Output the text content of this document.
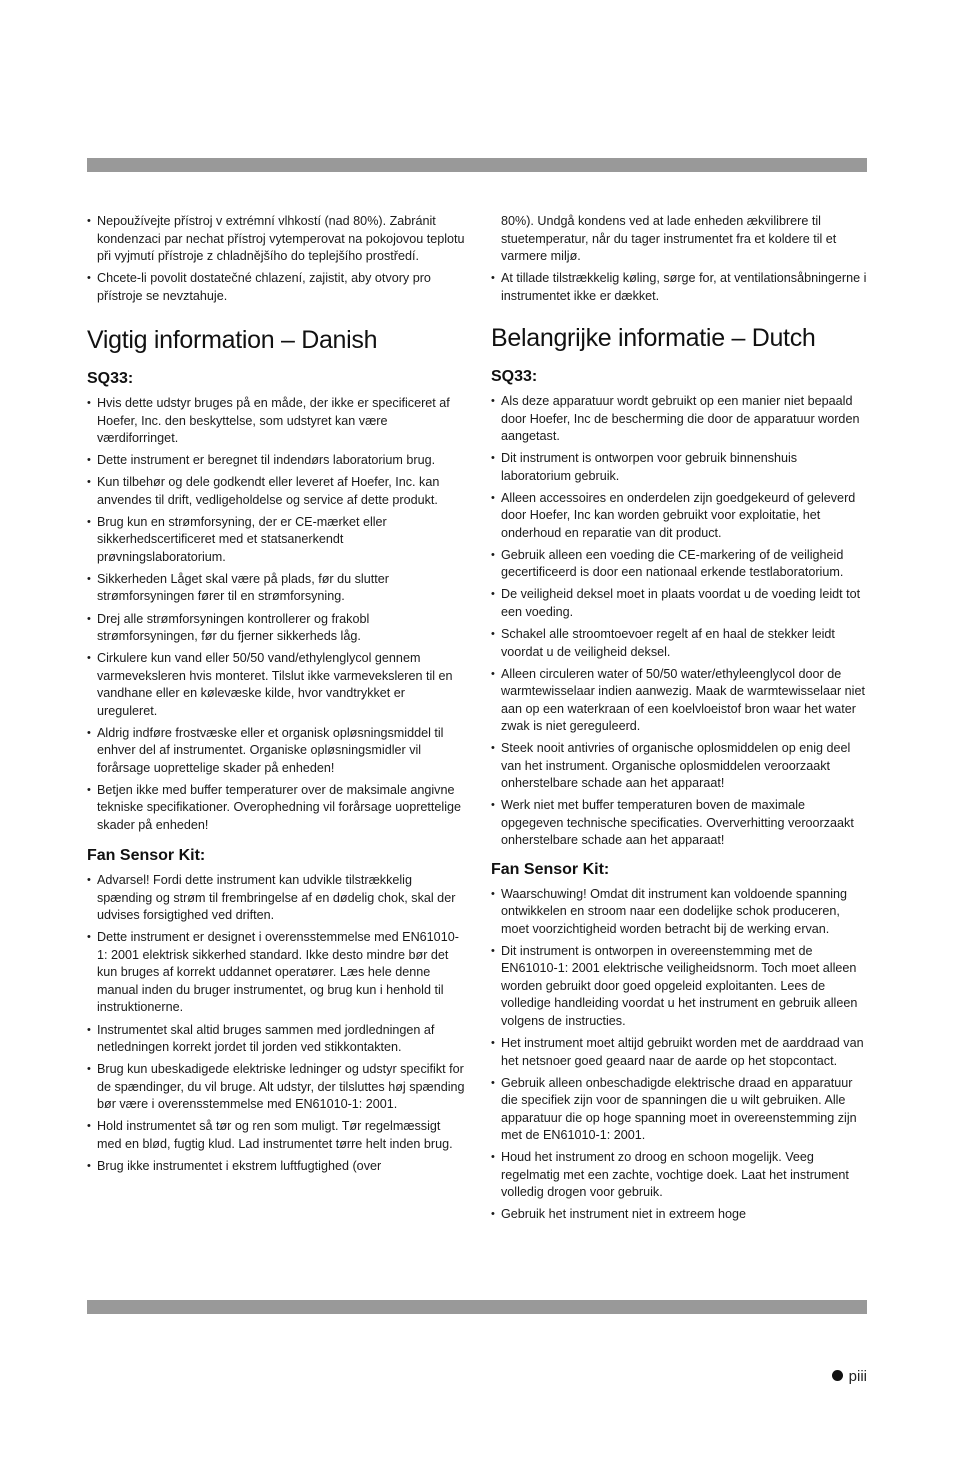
• Nepoužívejte přístroj v extrémní vlhkostí (nad 80%). Zabránit kondenzaci par nechat přístroj vytemperovat na pokojovou teplotu při vyjmutí přístroje z chladnějšího do teplejšího prostředí.
• Chcete-li povolit dostatečné chlazení, zajistit, aby otvory pro přístroje se nevztahuje.
Vigtig information – Danish
SQ33:
• Hvis dette udstyr bruges på en måde, der ikke er specificeret af Hoefer, Inc. den beskyttelse, som udstyret kan være værdiforringet.
• Dette instrument er beregnet til indendørs laboratorium brug.
• Kun tilbehør og dele godkendt eller leveret af Hoefer, Inc. kan anvendes til drift, vedligeholdelse og service af dette produkt.
• Brug kun en strømforsyning, der er CE-mærket eller sikkerhedscertificeret med et statsanerkendt prøvningslaboratorium.
• Sikkerheden Låget skal være på plads, før du slutter strømforsyningen fører til en strømforsyning.
• Drej alle strømforsyningen kontrollerer og frakobl strømforsyningen, før du fjerner sikkerheds låg.
• Cirkulere kun vand eller 50/50 vand/ethylenglycol gennem varmeveksleren hvis monteret. Tilslut ikke varmeveksleren til en vandhane eller en kølevæske kilde, hvor vandtrykket er ureguleret.
• Aldrig indføre frostvæske eller et organisk opløsningsmiddel til enhver del af instrumentet. Organiske opløsningsmidler vil forårsage uoprettelige skader på enheden!
• Betjen ikke med buffer temperaturer over de maksimale angivne tekniske specifikationer. Overophedning vil forårsage uoprettelige skader på enheden!
Fan Sensor Kit:
• Advarsel! Fordi dette instrument kan udvikle tilstrækkelig spænding og strøm til frembringelse af en dødelig chok, skal der udvises forsigtighed ved driften.
• Dette instrument er designet i overensstemmelse med EN61010-1: 2001 elektrisk sikkerhed standard. Ikke desto mindre bør det kun bruges af korrekt uddannet operatører. Læs hele denne manual inden du bruger instrumentet, og brug kun i henhold til instruktionerne.
• Instrumentet skal altid bruges sammen med jordledningen af netledningen korrekt jordet til jorden ved stikkontakten.
• Brug kun ubeskadigede elektriske ledninger og udstyr specifikt for de spændinger, du vil bruge. Alt udstyr, der tilsluttes høj spænding bør være i overensstemmelse med EN61010-1: 2001.
• Hold instrumentet så tør og ren som muligt. Tør regelmæssigt med en blød, fugtig klud. Lad instrumentet tørre helt inden brug.
• Brug ikke instrumentet i ekstrem luftfugtighed (over
80%). Undgå kondens ved at lade enheden ækvilibrere til stuetemperatur, når du tager instrumentet fra et koldere til et varmere miljø.
• At tillade tilstrækkelig køling, sørge for, at ventilationsåbningerne i instrumentet ikke er dækket.
Belangrijke informatie – Dutch
SQ33:
• Als deze apparatuur wordt gebruikt op een manier niet bepaald door Hoefer, Inc de bescherming die door de apparatuur worden aangetast.
• Dit instrument is ontworpen voor gebruik binnenshuis laboratorium gebruik.
• Alleen accessoires en onderdelen zijn goedgekeurd of geleverd door Hoefer, Inc kan worden gebruikt voor exploitatie, het onderhoud en reparatie van dit product.
• Gebruik alleen een voeding die CE-markering of de veiligheid gecertificeerd is door een nationaal erkende testlaboratorium.
• De veiligheid deksel moet in plaats voordat u de voeding leidt tot een voeding.
• Schakel alle stroomtoevoer regelt af en haal de stekker leidt voordat u de veiligheid deksel.
• Alleen circuleren water of 50/50 water/ethyleenglycol door de warmtewisselaar indien aanwezig. Maak de warmtewisselaar niet aan op een waterkraan of een koelvloeistof bron waar het water zwak is niet gereguleerd.
• Steek nooit antivries of organische oplosmiddelen op enig deel van het instrument. Organische oplosmiddelen veroorzaakt onherstelbare schade aan het apparaat!
• Werk niet met buffer temperaturen boven de maximale opgegeven technische specificaties. Oververhitting veroorzaakt onherstelbare schade aan het apparaat!
Fan Sensor Kit:
• Waarschuwing! Omdat dit instrument kan voldoende spanning ontwikkelen en stroom naar een dodelijke schok produceren, moet voorzichtigheid worden betracht bij de werking ervan.
• Dit instrument is ontworpen in overeenstemming met de EN61010-1: 2001 elektrische veiligheidsnorm. Toch moet alleen worden gebruikt door goed opgeleid exploitanten. Lees de volledige handleiding voordat u het instrument en gebruik alleen volgens de instructies.
• Het instrument moet altijd gebruikt worden met de aarddraad van het netsnoer goed geaard naar de aarde op het stopcontact.
• Gebruik alleen onbeschadigde elektrische draad en apparatuur die specifiek zijn voor de spanningen die u wilt gebruiken. Alle apparatuur die op hoge spanning moet in overeenstemming zijn met de EN61010-1: 2001.
• Houd het instrument zo droog en schoon mogelijk. Veeg regelmatig met een zachte, vochtige doek. Laat het instrument volledig drogen voor gebruik.
• Gebruik het instrument niet in extreem hoge
piii
